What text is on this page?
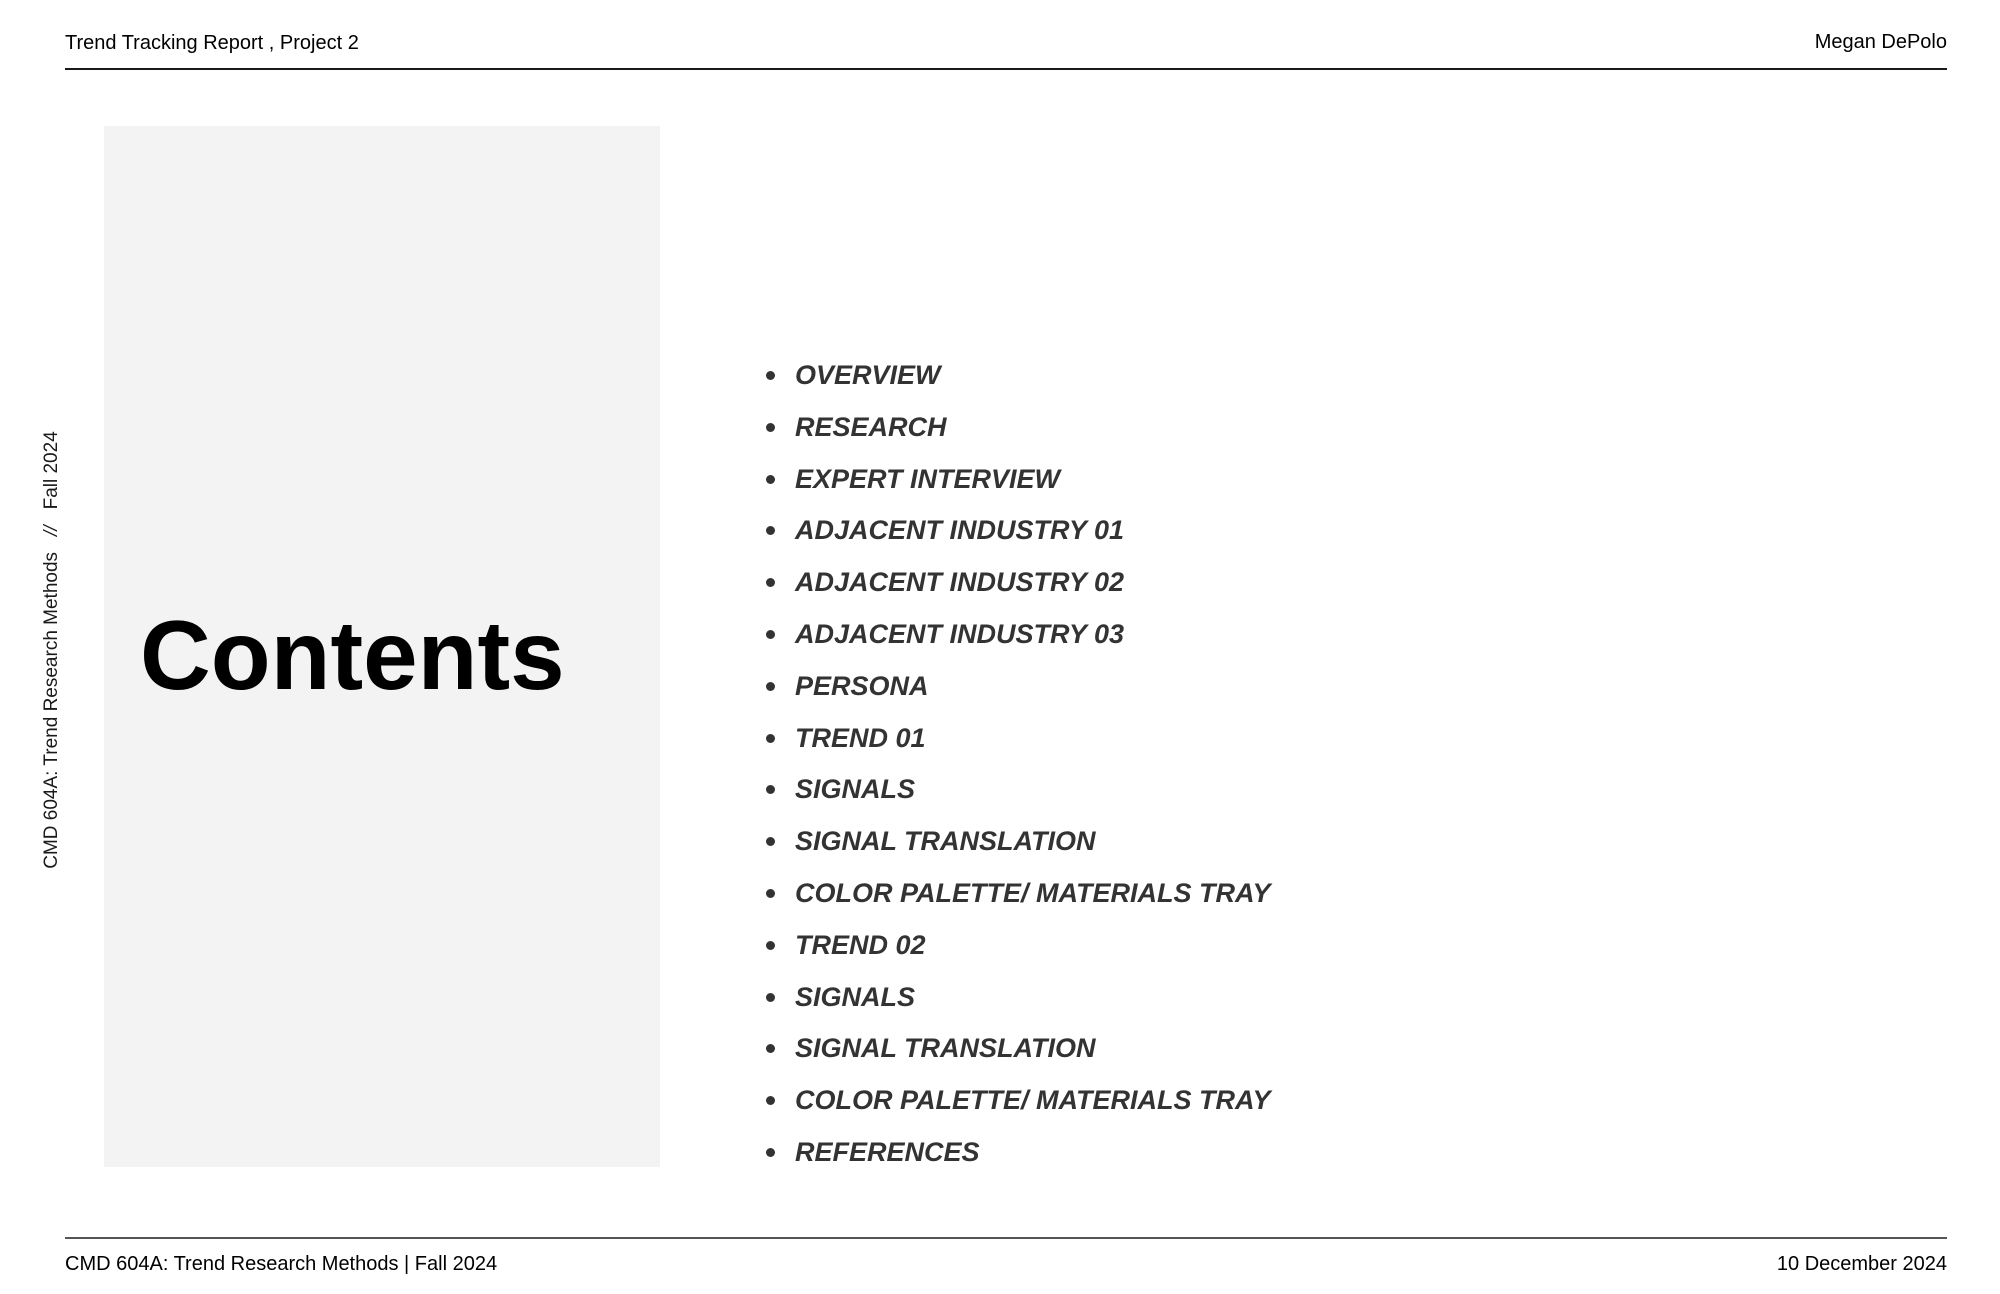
Trend Tracking Report , Project 2	Megan DePolo
CMD 604A: Trend Research Methods//Fall 2024
Contents
OVERVIEW
RESEARCH
EXPERT INTERVIEW
ADJACENT INDUSTRY 01
ADJACENT INDUSTRY 02
ADJACENT INDUSTRY 03
PERSONA
TREND 01
SIGNALS
SIGNAL TRANSLATION
COLOR PALETTE/ MATERIALS TRAY
TREND 02
SIGNALS
SIGNAL TRANSLATION
COLOR PALETTE/ MATERIALS TRAY
REFERENCES
CMD 604A: Trend Research Methods | Fall 2024	10 December 2024
